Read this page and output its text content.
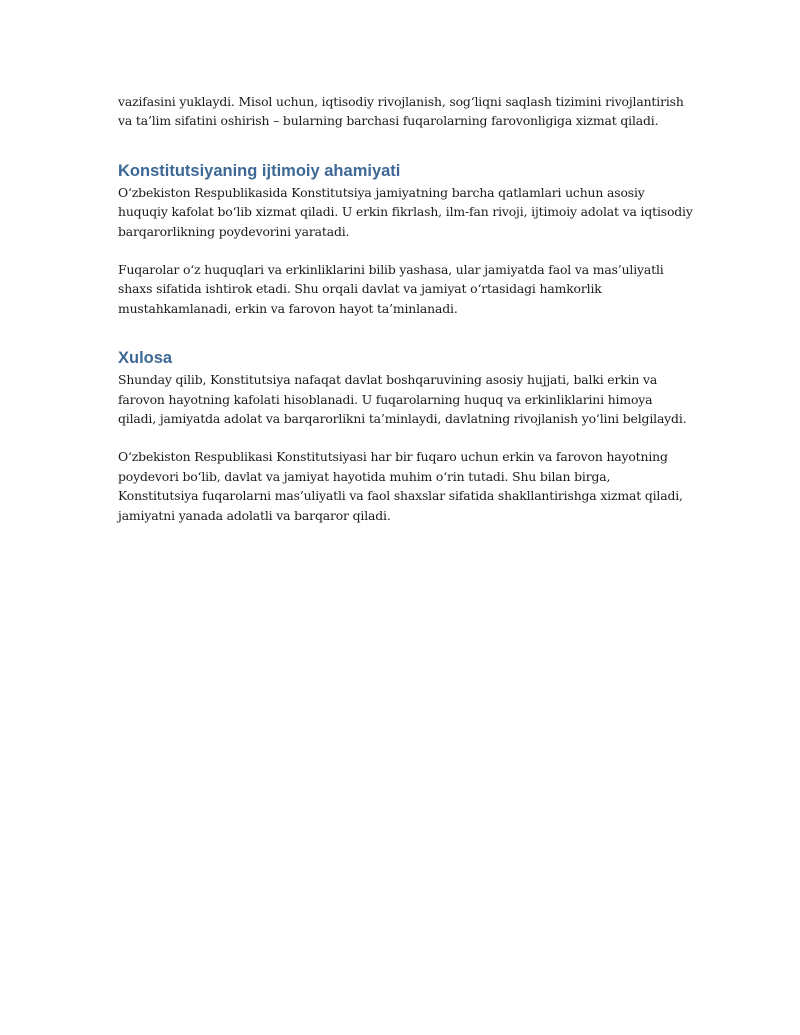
vazifasini yuklaydi. Misol uchun, iqtisodiy rivojlanish, sog‘liqni saqlash tizimini rivojlantirish va ta’lim sifatini oshirish – bularning barchasi fuqarolarning farovonligiga xizmat qiladi.

Konstitutsiyaning ijtimoiy ahamiyati

O‘zbekiston Respublikasida Konstitutsiya jamiyatning barcha qatlamlari uchun asosiy huquqiy kafolat bo‘lib xizmat qiladi. U erkin fikrlash, ilm-fan rivoji, ijtimoiy adolat va iqtisodiy barqarorlikning poydevorini yaratadi.

Fuqarolar o‘z huquqlari va erkinliklarini bilib yashasa, ular jamiyatda faol va mas’uliyatli shaxs sifatida ishtirok etadi. Shu orqali davlat va jamiyat o‘rtasidagi hamkorlik mustahkamlanadi, erkin va farovon hayot ta’minlanadi.

Xulosa

Shunday qilib, Konstitutsiya nafaqat davlat boshqaruvining asosiy hujjati, balki erkin va farovon hayotning kafolati hisoblanadi. U fuqarolarning huquq va erkinliklarini himoya qiladi, jamiyatda adolat va barqarorlikni ta’minlaydi, davlatning rivojlanish yo‘lini belgilaydi.

O‘zbekiston Respublikasi Konstitutsiyasi har bir fuqaro uchun erkin va farovon hayotning poydevori bo‘lib, davlat va jamiyat hayotida muhim o‘rin tutadi. Shu bilan birga, Konstitutsiya fuqarolarni mas’uliyatli va faol shaxslar sifatida shakllantirishga xizmat qiladi, jamiyatni yanada adolatli va barqaror qiladi.
